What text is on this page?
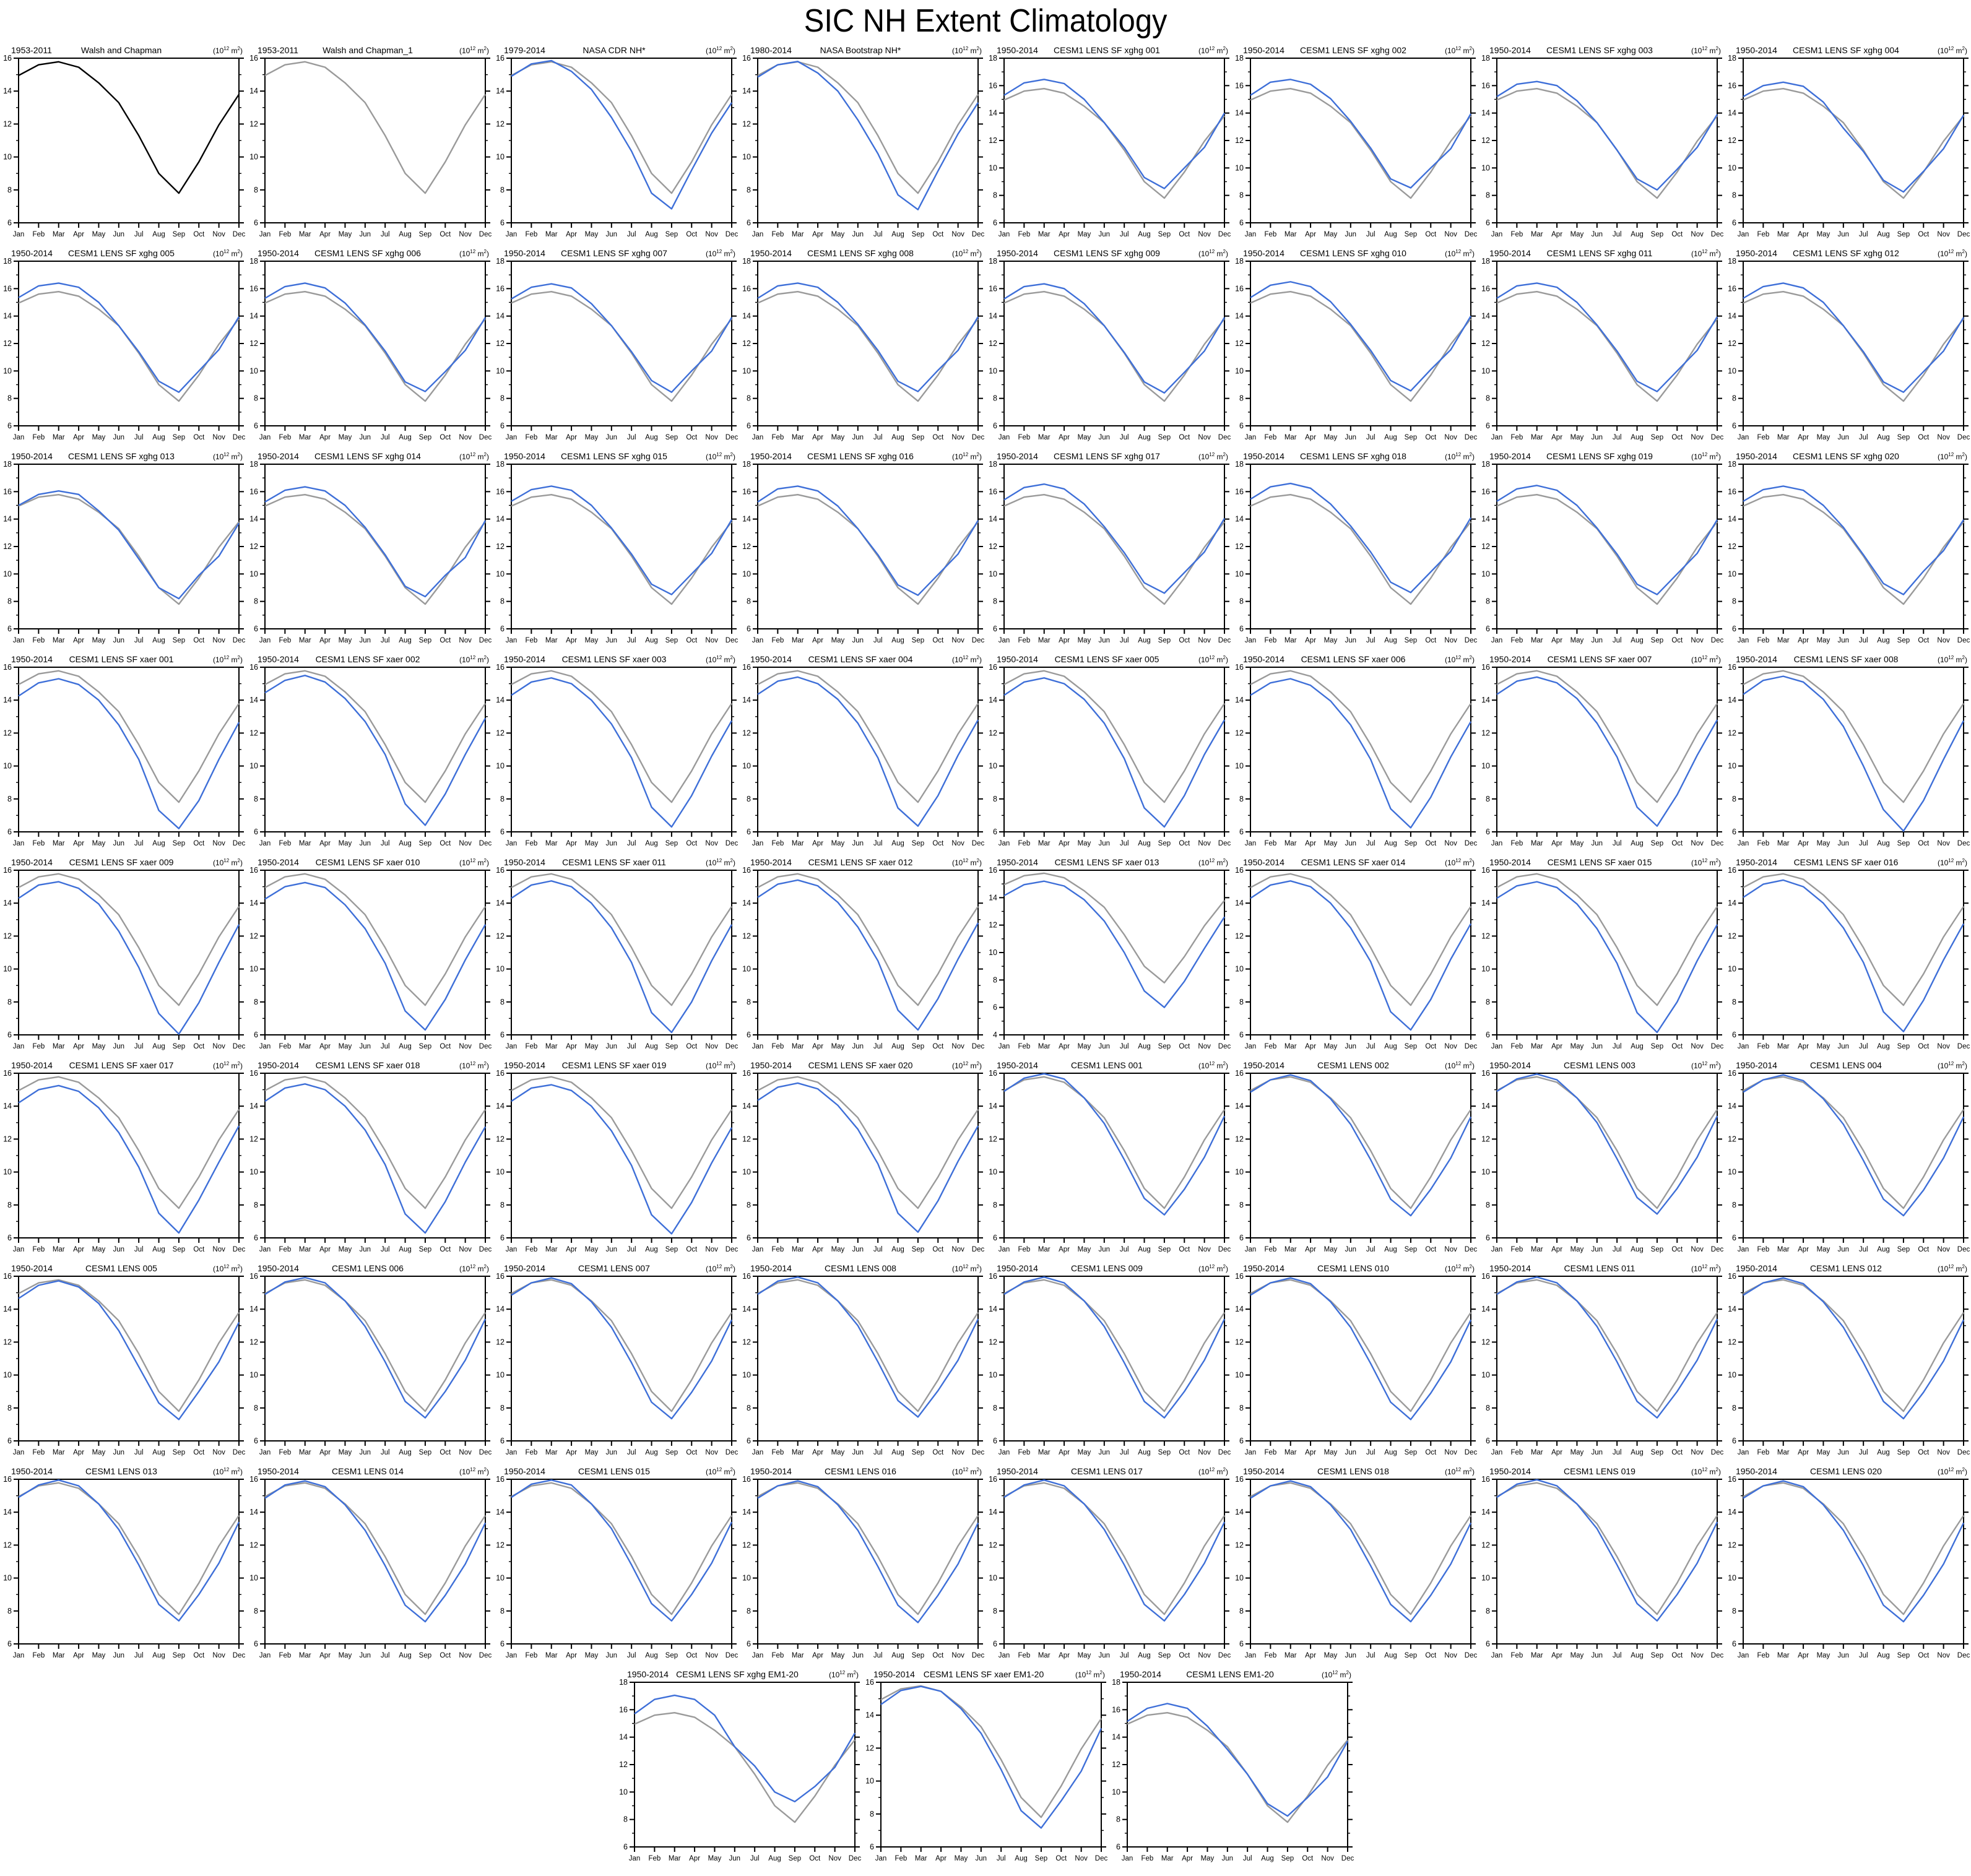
SIC NH Extent Climatology
1953-2011	Walsh and Chapman	($10^{12}$ $m^2$)
6
8
10
12
14
16
Jan Feb Mar Apr May Jun Jul Aug Sep Oct Nov Dec
1953-2011	Walsh and Chapman_1	($10^{12}$ $m^2$)
6
8
10
12
14
16
Jan Feb Mar Apr May Jun Jul Aug Sep Oct Nov Dec
1979-2014	NASA CDR NH*	($10^{12}$ $m^2$)
6
8
10
12
14
16
Jan Feb Mar Apr May Jun Jul Aug Sep Oct Nov Dec
1980-2014	NASA Bootstrap NH*	($10^{12}$ $m^2$)
6
8
10
12
14
16
Jan Feb Mar Apr May Jun Jul Aug Sep Oct Nov Dec
1950-2014 CESM1 LENS SF xghg 001	($10^{12}$ $m^2$)
6
8
10
12
14
16
18
Jan Feb Mar Apr May Jun Jul Aug Sep Oct Nov Dec
1950-2014 CESM1 LENS SF xghg 002	($10^{12}$ $m^2$)
6
8
10
12
14
16
18
Jan Feb Mar Apr May Jun Jul Aug Sep Oct Nov Dec
1950-2014 CESM1 LENS SF xghg 003	($10^{12}$ $m^2$)
6
8
10
12
14
16
18
Jan Feb Mar Apr May Jun Jul Aug Sep Oct Nov Dec
1950-2014 CESM1 LENS SF xghg 004	($10^{12}$ $m^2$)
6
8
10
12
14
16
18
Jan Feb Mar Apr May Jun Jul Aug Sep Oct Nov Dec
1950-2014 CESM1 LENS SF xghg 005	($10^{12}$ $m^2$)
6
8
10
12
14
16
18
Jan Feb Mar Apr May Jun Jul Aug Sep Oct Nov Dec
1950-2014 CESM1 LENS SF xghg 006	($10^{12}$ $m^2$)
6
8
10
12
14
16
18
Jan Feb Mar Apr May Jun Jul Aug Sep Oct Nov Dec
1950-2014 CESM1 LENS SF xghg 007	($10^{12}$ $m^2$)
6
8
10
12
14
16
18
Jan Feb Mar Apr May Jun Jul Aug Sep Oct Nov Dec
1950-2014 CESM1 LENS SF xghg 008	($10^{12}$ $m^2$)
6
8
10
12
14
16
18
Jan Feb Mar Apr May Jun Jul Aug Sep Oct Nov Dec
1950-2014 CESM1 LENS SF xghg 009	($10^{12}$ $m^2$)
6
8
10
12
14
16
18
Jan Feb Mar Apr May Jun Jul Aug Sep Oct Nov Dec
1950-2014 CESM1 LENS SF xghg 010	($10^{12}$ $m^2$)
6
8
10
12
14
16
18
Jan Feb Mar Apr May Jun Jul Aug Sep Oct Nov Dec
1950-2014 CESM1 LENS SF xghg 011	($10^{12}$ $m^2$)
6
8
10
12
14
16
18
Jan Feb Mar Apr May Jun Jul Aug Sep Oct Nov Dec
1950-2014 CESM1 LENS SF xghg 012	($10^{12}$ $m^2$)
6
8
10
12
14
16
18
Jan Feb Mar Apr May Jun Jul Aug Sep Oct Nov Dec
1950-2014 CESM1 LENS SF xghg 013	($10^{12}$ $m^2$)
6
8
10
12
14
16
18
Jan Feb Mar Apr May Jun Jul Aug Sep Oct Nov Dec
1950-2014 CESM1 LENS SF xghg 014	($10^{12}$ $m^2$)
6
8
10
12
14
16
18
Jan Feb Mar Apr May Jun Jul Aug Sep Oct Nov Dec
1950-2014 CESM1 LENS SF xghg 015	($10^{12}$ $m^2$)
6
8
10
12
14
16
18
Jan Feb Mar Apr May Jun Jul Aug Sep Oct Nov Dec
1950-2014 CESM1 LENS SF xghg 016	($10^{12}$ $m^2$)
6
8
10
12
14
16
18
Jan Feb Mar Apr May Jun Jul Aug Sep Oct Nov Dec
1950-2014 CESM1 LENS SF xghg 017	($10^{12}$ $m^2$)
6
8
10
12
14
16
18
Jan Feb Mar Apr May Jun Jul Aug Sep Oct Nov Dec
1950-2014 CESM1 LENS SF xghg 018	($10^{12}$ $m^2$)
6
8
10
12
14
16
18
Jan Feb Mar Apr May Jun Jul Aug Sep Oct Nov Dec
1950-2014 CESM1 LENS SF xghg 019	($10^{12}$ $m^2$)
6
8
10
12
14
16
18
Jan Feb Mar Apr May Jun Jul Aug Sep Oct Nov Dec
1950-2014 CESM1 LENS SF xghg 020	($10^{12}$ $m^2$)
6
8
10
12
14
16
18
Jan Feb Mar Apr May Jun Jul Aug Sep Oct Nov Dec
1950-2014 CESM1 LENS SF xaer 001	($10^{12}$ $m^2$)
6
8
10
12
14
16
Jan Feb Mar Apr May Jun Jul Aug Sep Oct Nov Dec
1950-2014 CESM1 LENS SF xaer 002	($10^{12}$ $m^2$)
6
8
10
12
14
16
Jan Feb Mar Apr May Jun Jul Aug Sep Oct Nov Dec
1950-2014 CESM1 LENS SF xaer 003	($10^{12}$ $m^2$)
6
8
10
12
14
16
Jan Feb Mar Apr May Jun Jul Aug Sep Oct Nov Dec
1950-2014 CESM1 LENS SF xaer 004	($10^{12}$ $m^2$)
6
8
10
12
14
16
Jan Feb Mar Apr May Jun Jul Aug Sep Oct Nov Dec
1950-2014 CESM1 LENS SF xaer 005	($10^{12}$ $m^2$)
6
8
10
12
14
16
Jan Feb Mar Apr May Jun Jul Aug Sep Oct Nov Dec
1950-2014 CESM1 LENS SF xaer 006	($10^{12}$ $m^2$)
6
8
10
12
14
16
Jan Feb Mar Apr May Jun Jul Aug Sep Oct Nov Dec
1950-2014 CESM1 LENS SF xaer 007	($10^{12}$ $m^2$)
6
8
10
12
14
16
Jan Feb Mar Apr May Jun Jul Aug Sep Oct Nov Dec
1950-2014 CESM1 LENS SF xaer 008	($10^{12}$ $m^2$)
6
8
10
12
14
16
Jan Feb Mar Apr May Jun Jul Aug Sep Oct Nov Dec
1950-2014 CESM1 LENS SF xaer 009	($10^{12}$ $m^2$)
6
8
10
12
14
16
Jan Feb Mar Apr May Jun Jul Aug Sep Oct Nov Dec
1950-2014 CESM1 LENS SF xaer 010	($10^{12}$ $m^2$)
6
8
10
12
14
16
Jan Feb Mar Apr May Jun Jul Aug Sep Oct Nov Dec
1950-2014 CESM1 LENS SF xaer 011	($10^{12}$ $m^2$)
6
8
10
12
14
16
Jan Feb Mar Apr May Jun Jul Aug Sep Oct Nov Dec
1950-2014 CESM1 LENS SF xaer 012	($10^{12}$ $m^2$)
6
8
10
12
14
16
Jan Feb Mar Apr May Jun Jul Aug Sep Oct Nov Dec
1950-2014 CESM1 LENS SF xaer 013	($10^{12}$ $m^2$)
4
6
8
10
12
14
16
Jan Feb Mar Apr May Jun Jul Aug Sep Oct Nov Dec
1950-2014 CESM1 LENS SF xaer 014	($10^{12}$ $m^2$)
6
8
10
12
14
16
Jan Feb Mar Apr May Jun Jul Aug Sep Oct Nov Dec
1950-2014 CESM1 LENS SF xaer 015	($10^{12}$ $m^2$)
6
8
10
12
14
16
Jan Feb Mar Apr May Jun Jul Aug Sep Oct Nov Dec
1950-2014 CESM1 LENS SF xaer 016	($10^{12}$ $m^2$)
6
8
10
12
14
16
Jan Feb Mar Apr May Jun Jul Aug Sep Oct Nov Dec
1950-2014 CESM1 LENS SF xaer 017	($10^{12}$ $m^2$)
6
8
10
12
14
16
Jan Feb Mar Apr May Jun Jul Aug Sep Oct Nov Dec
1950-2014 CESM1 LENS SF xaer 018	($10^{12}$ $m^2$)
6
8
10
12
14
16
Jan Feb Mar Apr May Jun Jul Aug Sep Oct Nov Dec
1950-2014 CESM1 LENS SF xaer 019	($10^{12}$ $m^2$)
6
8
10
12
14
16
Jan Feb Mar Apr May Jun Jul Aug Sep Oct Nov Dec
1950-2014 CESM1 LENS SF xaer 020	($10^{12}$ $m^2$)
6
8
10
12
14
16
Jan Feb Mar Apr May Jun Jul Aug Sep Oct Nov Dec
1950-2014	CESM1 LENS 001	($10^{12}$ $m^2$)
6
8
10
12
14
16
Jan Feb Mar Apr May Jun Jul Aug Sep Oct Nov Dec
1950-2014	CESM1 LENS 002	($10^{12}$ $m^2$)
6
8
10
12
14
16
Jan Feb Mar Apr May Jun Jul Aug Sep Oct Nov Dec
1950-2014	CESM1 LENS 003	($10^{12}$ $m^2$)
6
8
10
12
14
16
Jan Feb Mar Apr May Jun Jul Aug Sep Oct Nov Dec
1950-2014	CESM1 LENS 004	($10^{12}$ $m^2$)
6
8
10
12
14
16
Jan Feb Mar Apr May Jun Jul Aug Sep Oct Nov Dec
1950-2014	CESM1 LENS 005	($10^{12}$ $m^2$)
6
8
10
12
14
16
Jan Feb Mar Apr May Jun Jul Aug Sep Oct Nov Dec
1950-2014	CESM1 LENS 006	($10^{12}$ $m^2$)
6
8
10
12
14
16
Jan Feb Mar Apr May Jun Jul Aug Sep Oct Nov Dec
1950-2014	CESM1 LENS 007	($10^{12}$ $m^2$)
6
8
10
12
14
16
Jan Feb Mar Apr May Jun Jul Aug Sep Oct Nov Dec
1950-2014	CESM1 LENS 008	($10^{12}$ $m^2$)
6
8
10
12
14
16
Jan Feb Mar Apr May Jun Jul Aug Sep Oct Nov Dec
1950-2014	CESM1 LENS 009	($10^{12}$ $m^2$)
6
8
10
12
14
16
Jan Feb Mar Apr May Jun Jul Aug Sep Oct Nov Dec
1950-2014	CESM1 LENS 010	($10^{12}$ $m^2$)
6
8
10
12
14
16
Jan Feb Mar Apr May Jun Jul Aug Sep Oct Nov Dec
1950-2014	CESM1 LENS 011	($10^{12}$ $m^2$)
6
8
10
12
14
16
Jan Feb Mar Apr May Jun Jul Aug Sep Oct Nov Dec
1950-2014	CESM1 LENS 012	($10^{12}$ $m^2$)
6
8
10
12
14
16
Jan Feb Mar Apr May Jun Jul Aug Sep Oct Nov Dec
1950-2014	CESM1 LENS 013	($10^{12}$ $m^2$)
6
8
10
12
14
16
Jan Feb Mar Apr May Jun Jul Aug Sep Oct Nov Dec
1950-2014	CESM1 LENS 014	($10^{12}$ $m^2$)
6
8
10
12
14
16
Jan Feb Mar Apr May Jun Jul Aug Sep Oct Nov Dec
1950-2014	CESM1 LENS 015	($10^{12}$ $m^2$)
6
8
10
12
14
16
Jan Feb Mar Apr May Jun Jul Aug Sep Oct Nov Dec
1950-2014	CESM1 LENS 016	($10^{12}$ $m^2$)
6
8
10
12
14
16
Jan Feb Mar Apr May Jun Jul Aug Sep Oct Nov Dec
1950-2014	CESM1 LENS 017	($10^{12}$ $m^2$)
6
8
10
12
14
16
Jan Feb Mar Apr May Jun Jul Aug Sep Oct Nov Dec
1950-2014	CESM1 LENS 018	($10^{12}$ $m^2$)
6
8
10
12
14
16
Jan Feb Mar Apr May Jun Jul Aug Sep Oct Nov Dec
1950-2014	CESM1 LENS 019	($10^{12}$ $m^2$)
6
8
10
12
14
16
Jan Feb Mar Apr May Jun Jul Aug Sep Oct Nov Dec
1950-2014	CESM1 LENS 020	($10^{12}$ $m^2$)
6
8
10
12
14
16
Jan Feb Mar Apr May Jun Jul Aug Sep Oct Nov Dec
1950-2014 CESM1 LENS SF xghg EM1-20	($10^{12}$ $m^2$)
6
8
10
12
14
16
18
Jan Feb Mar Apr May Jun Jul Aug Sep Oct Nov Dec
1950-2014 CESM1 LENS SF xaer EM1-20	($10^{12}$ $m^2$)
6
8
10
12
14
16
Jan Feb Mar Apr May Jun Jul Aug Sep Oct Nov Dec
1950-2014	CESM1 LENS EM1-20	($10^{12}$ $m^2$)
6
8
10
12
14
16
18
Jan Feb Mar Apr May Jun Jul Aug Sep Oct Nov Dec
